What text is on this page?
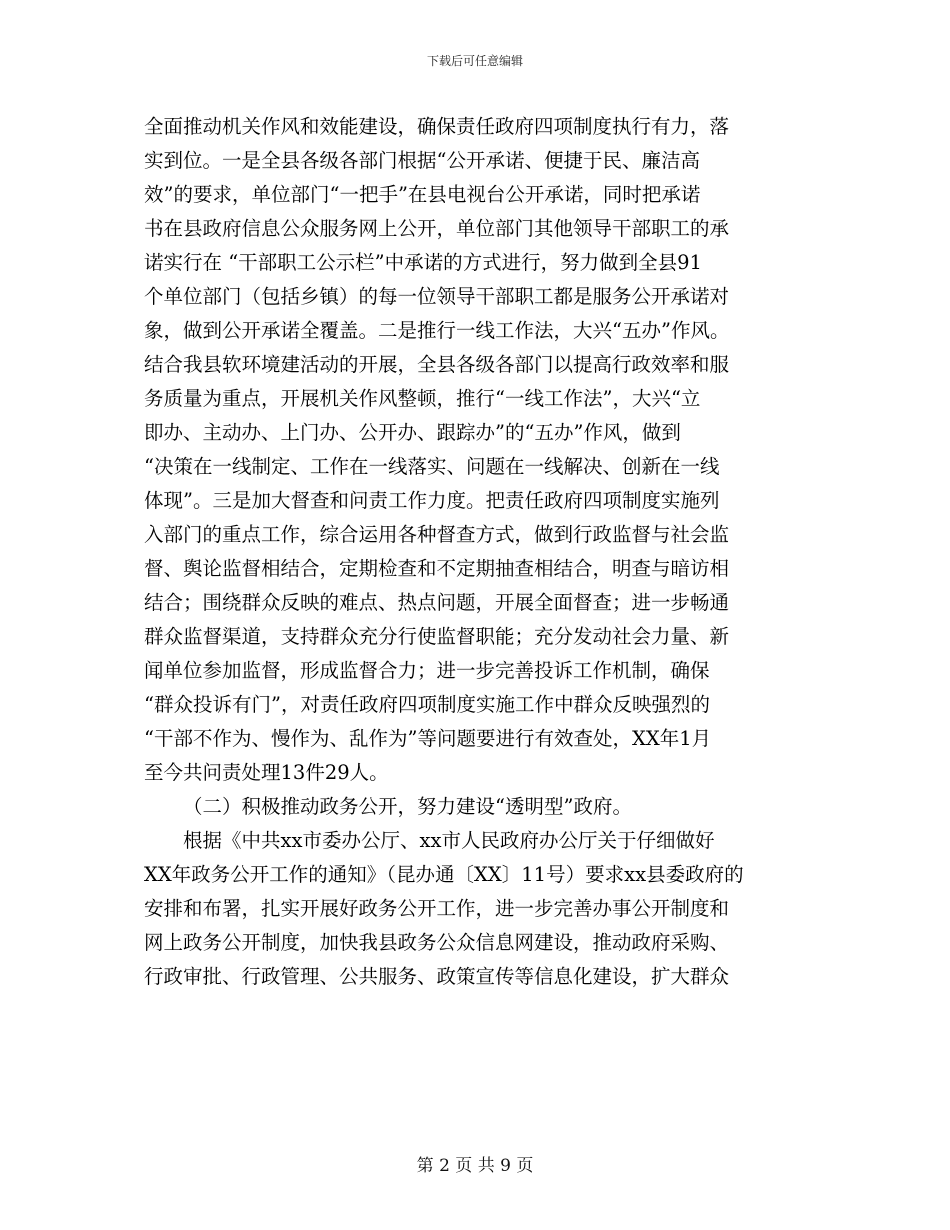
下载后可任意编辑
全面推动机关作风和效能建设，确保责任政府四项制度执行有力，落
实到位。一是全县各级各部门根据“公开承诺、便捷于民、廉洁高
效”的要求，单位部门“一把手”在县电视台公开承诺，同时把承诺
书在县政府信息公众服务网上公开，单位部门其他领导干部职工的承
诺实行在 “干部职工公示栏”中承诺的方式进行，努力做到全县91
个单位部门（包括乡镇）的每一位领导干部职工都是服务公开承诺对
象，做到公开承诺全覆盖。二是推行一线工作法，大兴“五办”作风。
结合我县软环境建活动的开展，全县各级各部门以提高行政效率和服
务质量为重点，开展机关作风整顿，推行“一线工作法”，大兴“立
即办、主动办、上门办、公开办、跟踪办”的“五办”作风，做到
“决策在一线制定、工作在一线落实、问题在一线解决、创新在一线
体现”。三是加大督查和问责工作力度。把责任政府四项制度实施列
入部门的重点工作，综合运用各种督查方式，做到行政监督与社会监
督、舆论监督相结合，定期检查和不定期抽查相结合，明查与暗访相
结合；围绕群众反映的难点、热点问题，开展全面督查；进一步畅通
群众监督渠道，支持群众充分行使监督职能；充分发动社会力量、新
闻单位参加监督，形成监督合力；进一步完善投诉工作机制，确保
“群众投诉有门”，对责任政府四项制度实施工作中群众反映强烈的
“干部不作为、慢作为、乱作为”等问题要进行有效查处，XX年1月
至今共问责处理13件29人。
（二）积极推动政务公开，努力建设“透明型”政府。
根据《中共xx市委办公厅、xx市人民政府办公厅关于仔细做好
XX年政务公开工作的通知》（昆办通〔XX〕11号）要求xx县委政府的
安排和布署，扎实开展好政务公开工作，进一步完善办事公开制度和
网上政务公开制度，加快我县政务公众信息网建设，推动政府采购、
行政审批、行政管理、公共服务、政策宣传等信息化建设，扩大群众
第 2 页 共 9 页
